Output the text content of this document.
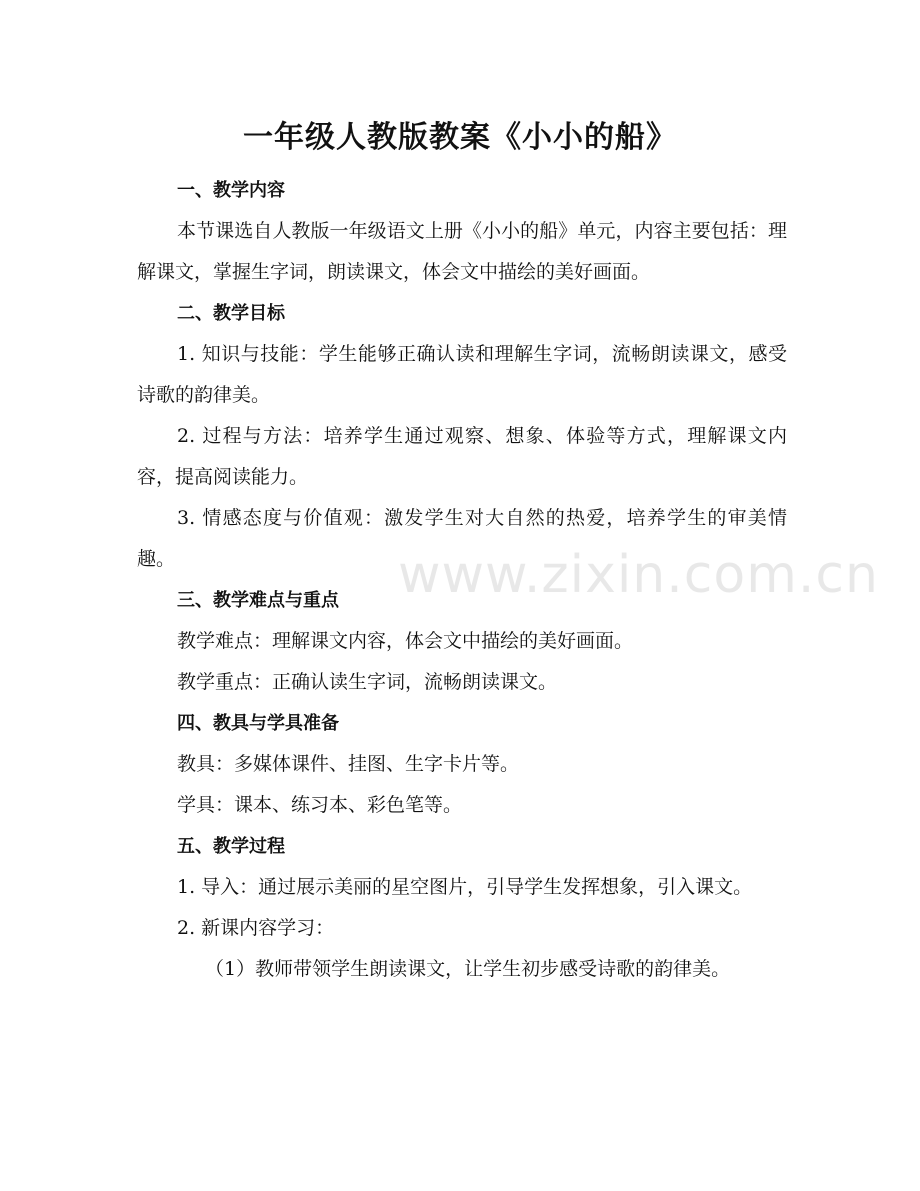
一年级人教版教案《小小的船》

一、教学内容

本节课选自人教版一年级语文上册《小小的船》单元，内容主要包括：理解课文，掌握生字词，朗读课文，体会文中描绘的美好画面。

二、教学目标

1. 知识与技能：学生能够正确认读和理解生字词，流畅朗读课文，感受诗歌的韵律美。

2. 过程与方法：培养学生通过观察、想象、体验等方式，理解课文内容，提高阅读能力。

3. 情感态度与价值观：激发学生对大自然的热爱，培养学生的审美情趣。

三、教学难点与重点

教学难点：理解课文内容，体会文中描绘的美好画面。

教学重点：正确认读生字词，流畅朗读课文。

四、教具与学具准备

教具：多媒体课件、挂图、生字卡片等。

学具：课本、练习本、彩色笔等。

五、教学过程

1. 导入：通过展示美丽的星空图片，引导学生发挥想象，引入课文。

2. 新课内容学习：

（1）教师带领学生朗读课文，让学生初步感受诗歌的韵律美。

www.zixin.com.cn
